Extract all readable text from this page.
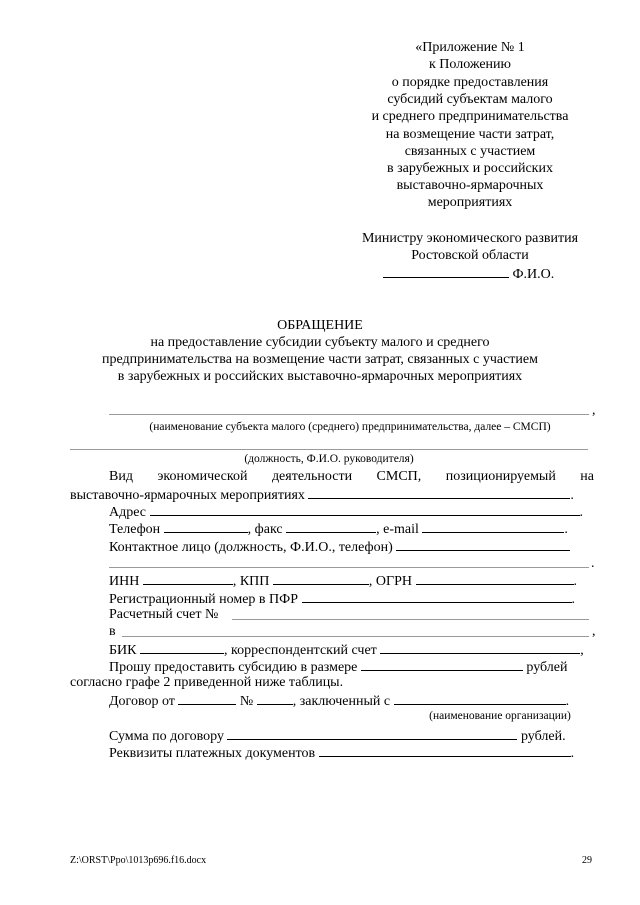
«Приложение № 1
к Положению
о порядке предоставления
субсидий субъектам малого
и среднего предпринимательства
на возмещение части затрат,
связанных с участием
в зарубежных и российских
выставочно-ярмарочных
мероприятиях
Министру экономического развития
Ростовской области
Ф.И.О.
ОБРАЩЕНИЕ
на предоставление субсидии субъекту малого и среднего
предпринимательства на возмещение части затрат, связанных с участием
в зарубежных и российских выставочно-ярмарочных мероприятиях
,
(наименование субъекта малого (среднего) предпринимательства, далее – СМСП)
(должность, Ф.И.О. руководителя)
Вид экономической деятельности СМСП, позиционируемый на
выставочно-ярмарочных мероприятиях	.
Адрес	.
Телефон	, факс	, e-mail	.
Контактное лицо (должность, Ф.И.О., телефон)
.
ИНН	, КПП	, ОГРН	.
Регистрационный номер в ПФР	.
Расчетный счет №
в	,
БИК	, корреспондентский счет	,
Прошу предоставить субсидию в размере	рублей
согласно графе 2 приведенной ниже таблицы.
Договор от	№	, заключенный с	.
(наименование организации)
Сумма по договору	рублей.
Реквизиты платежных документов	.
Z:\ORST\Ppo\1013p696.f16.docx	29
